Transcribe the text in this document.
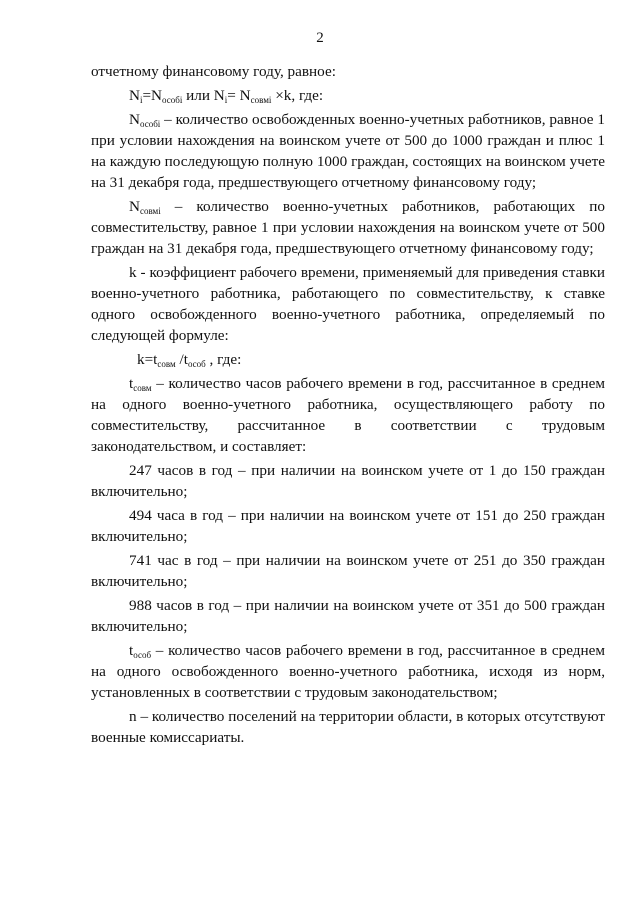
2

отчетному финансовому году, равное:

$N_i=N_{особі}$ или $N_i= N_{совмі} \times k$, где:

$N_{особі}$ – количество освобожденных военно-учетных работников, равное 1 при условии нахождения на воинском учете от 500 до 1000 граждан и плюс 1 на каждую последующую полную 1000 граждан, состоящих на воинском учете на 31 декабря года, предшествующего отчетному финансовому году;

$N_{совмі}$ – количество военно-учетных работников, работающих по совместительству, равное 1 при условии нахождения на воинском учете от 500 граждан на 31 декабря года, предшествующего отчетному финансовому году;

k - коэффициент рабочего времени, применяемый для приведения ставки военно-учетного работника, работающего по совместительству, к ставке одного освобожденного военно-учетного работника, определяемый по следующей формуле:

$k=t_{совм}$ $/t_{особ}$ , где:

$t_{совм}$ – количество часов рабочего времени в год, рассчитанное в среднем на одного военно-учетного работника, осуществляющего работу по совместительству, рассчитанное в соответствии с трудовым законодательством, и составляет:

247 часов в год – при наличии на воинском учете от 1 до 150 граждан включительно;

494 часа в год – при наличии на воинском учете от 151 до 250 граждан включительно;

741 час в год – при наличии на воинском учете от 251 до 350 граждан включительно;

988 часов в год – при наличии на воинском учете от 351 до 500 граждан включительно;

$t_{особ}$ – количество часов рабочего времени в год, рассчитанное в среднем на одного освобожденного военно-учетного работника, исходя из норм, установленных в соответствии с трудовым законодательством;

n – количество поселений на территории области, в которых отсутствуют военные комиссариаты.
